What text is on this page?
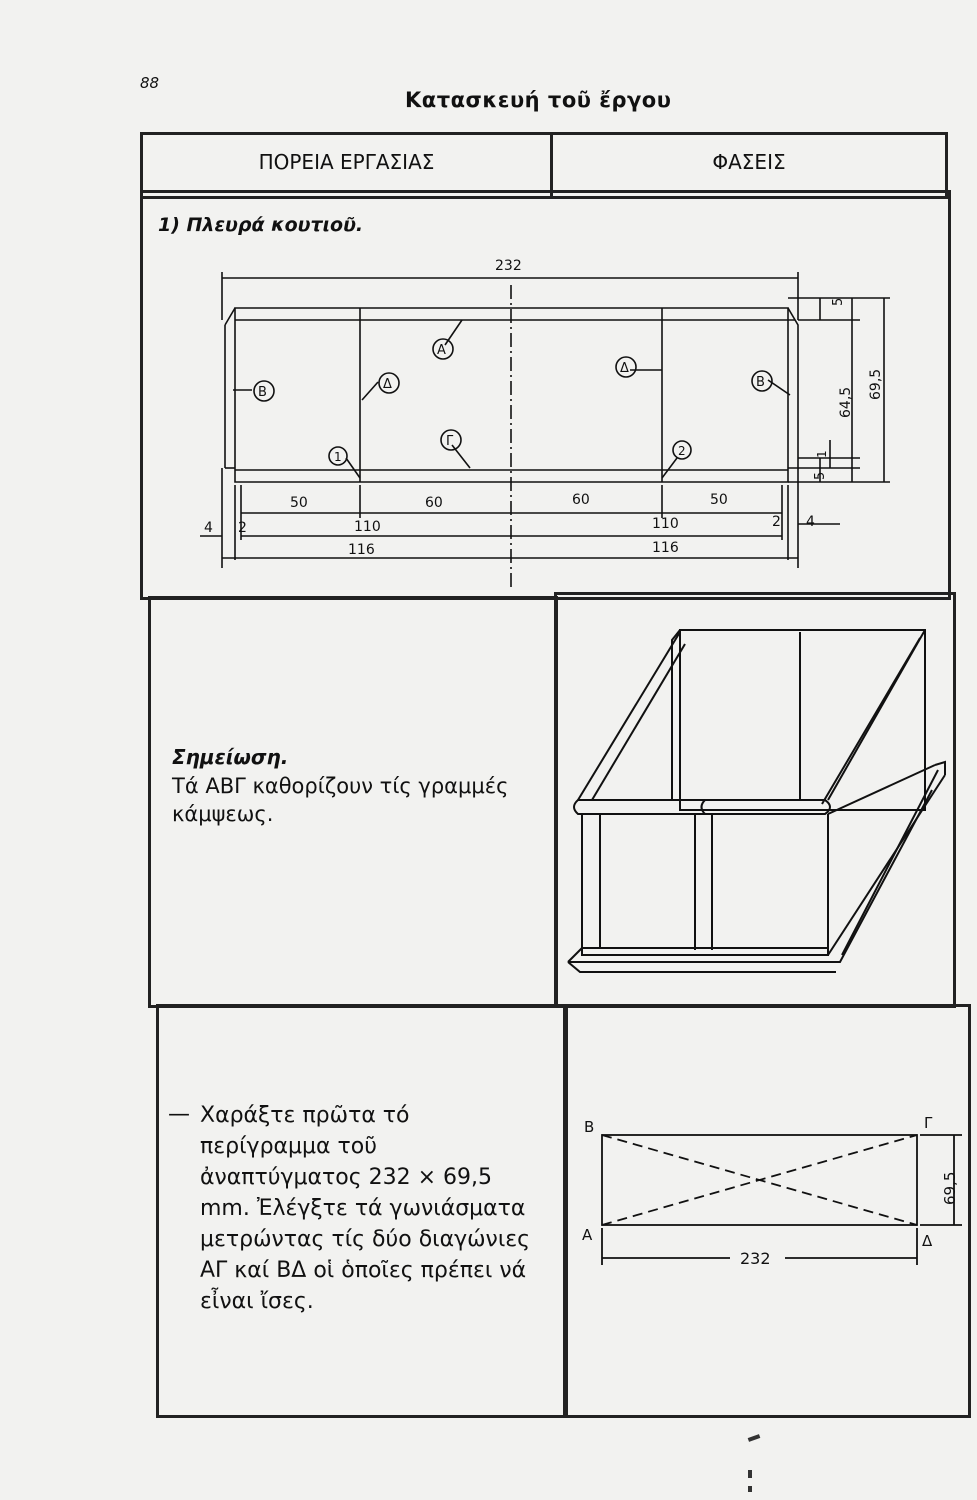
88
Κατασκευή τοῦ ἔργου
ΠΟΡΕΙΑ ΕΡΓΑΣΙΑΣ	ΦΑΣΕΙΣ
1) Πλευρά κουτιοῦ.
232
50	60	60	50
110	110
116	116
4 2	2 4
5
64,5
69,5
5
1
A
B
Δ
Δ
B
Γ
1	2
Σημείωση.
Τά ΑΒΓ καθορίζουν τίς γραμμές κάμψεως.
— Χαράξτε πρῶτα τό περίγραμμα τοῦ ἀναπτύγματος 232 × 69,5 mm. Ἐλέγξτε τά γωνιάσματα μετρώντας τίς δύο διαγώνιες ΑΓ καί ΒΔ οἱ ὁποῖες πρέπει νά εἶναι ἴσες.
B	Γ
Α	Δ
232
69,5
